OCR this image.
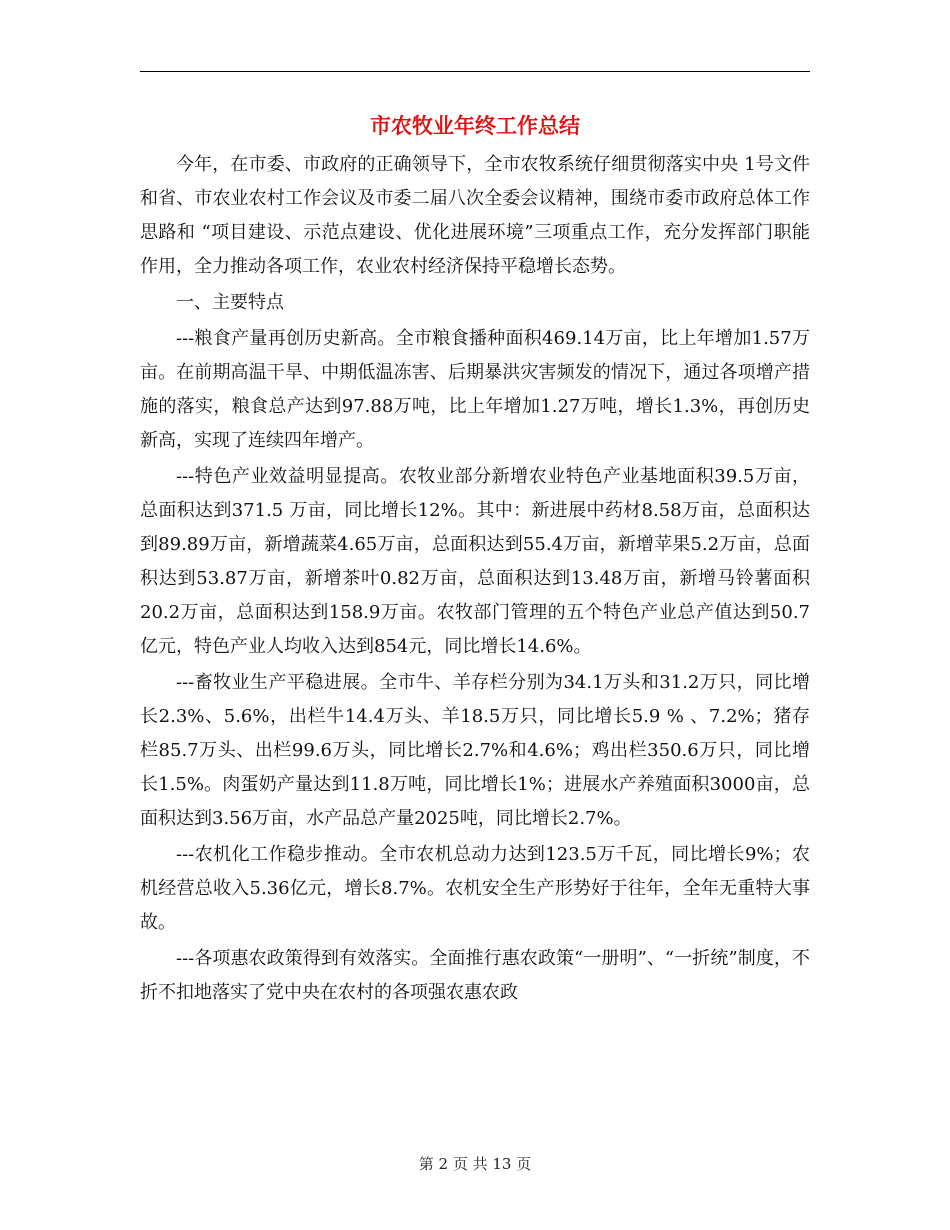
市农牧业年终工作总结

今年，在市委、市政府的正确领导下，全市农牧系统仔细贯彻落实中央 1号文件和省、市农业农村工作会议及市委二届八次全委会议精神，围绕市委市政府总体工作思路和 “项目建设、示范点建设、优化进展环境”三项重点工作，充分发挥部门职能作用，全力推动各项工作，农业农村经济保持平稳增长态势。

一、主要特点

---粮食产量再创历史新高。全市粮食播种面积469.14万亩，比上年增加1.57万亩。在前期高温干旱、中期低温冻害、后期暴洪灾害频发的情况下，通过各项增产措施的落实，粮食总产达到97.88万吨，比上年增加1.27万吨，增长1.3%，再创历史新高，实现了连续四年增产。

---特色产业效益明显提高。农牧业部分新增农业特色产业基地面积39.5万亩，总面积达到371.5 万亩，同比增长12%。其中：新进展中药材8.58万亩，总面积达到89.89万亩，新增蔬菜4.65万亩，总面积达到55.4万亩，新增苹果5.2万亩，总面积达到53.87万亩，新增茶叶0.82万亩，总面积达到13.48万亩，新增马铃薯面积20.2万亩，总面积达到158.9万亩。农牧部门管理的五个特色产业总产值达到50.7亿元，特色产业人均收入达到854元，同比增长14.6%。

---畜牧业生产平稳进展。全市牛、羊存栏分别为34.1万头和31.2万只，同比增长2.3%、5.6%，出栏牛14.4万头、羊18.5万只，同比增长5.9 % 、7.2%；猪存栏85.7万头、出栏99.6万头，同比增长2.7%和4.6%；鸡出栏350.6万只，同比增长1.5%。肉蛋奶产量达到11.8万吨，同比增长1%；进展水产养殖面积3000亩，总面积达到3.56万亩，水产品总产量2025吨，同比增长2.7%。

---农机化工作稳步推动。全市农机总动力达到123.5万千瓦，同比增长9%；农机经营总收入5.36亿元，增长8.7%。农机安全生产形势好于往年，全年无重特大事故。

---各项惠农政策得到有效落实。全面推行惠农政策“一册明”、“一折统”制度，不折不扣地落实了党中央在农村的各项强农惠农政

第 2 页 共 13 页
